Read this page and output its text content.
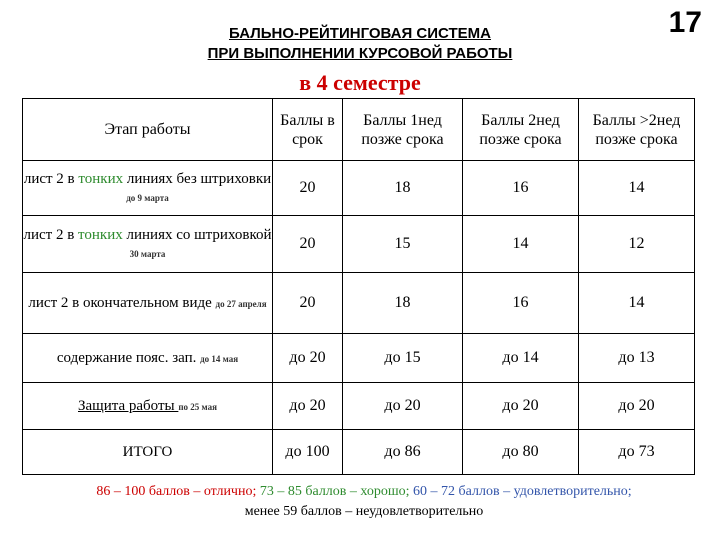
17
БАЛЬНО-РЕЙТИНГОВАЯ СИСТЕМА
ПРИ ВЫПОЛНЕНИИ КУРСОВОЙ РАБОТЫ
в 4 семестре
Этап работы	Баллы в срок	Баллы 1нед позже срока	Баллы 2нед позже срока	Баллы >2нед позже срока
лист 2 в тонких линиях без штриховки до 9 марта	20	18	16	14
лист 2 в тонких линиях со штриховкой 30 марта	20	15	14	12
лист 2 в окончательном виде до 27 апреля	20	18	16	14
содержание пояс. зап. до 14 мая	до 20	до 15	до 14	до 13
Защита работы по 25 мая	до 20	до 20	до 20	до 20
ИТОГО	до 100	до 86	до 80	до 73
86 – 100 баллов – отлично; 73 – 85 баллов – хорошо; 60 – 72 баллов – удовлетворительно;
менее 59 баллов – неудовлетворительно
